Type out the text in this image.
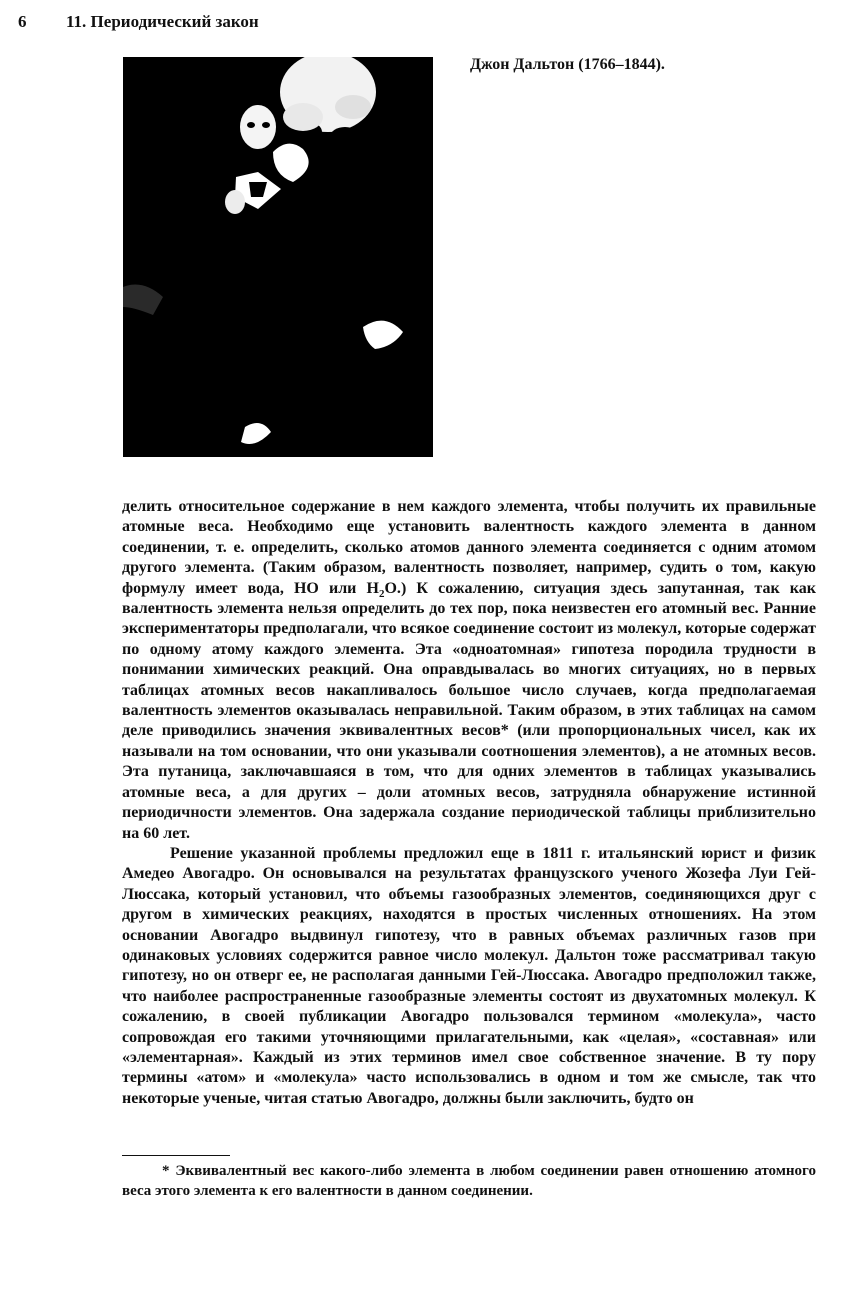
6 11. Периодический закон
Джон Дальтон (1766–1844).

делить относительное содержание в нем каждого элемента, чтобы получить их правильные атомные веса. Необходимо еще установить валентность каждого элемента в данном соединении, т. е. определить, сколько атомов данного элемента соединяется с одним атомом другого элемента. (Таким образом, валентность позволяет, например, судить о том, какую формулу имеет вода, НО или $H_2O$.) К сожалению, ситуация здесь запутанная, так как валентность элемента нельзя определить до тех пор, пока неизвестен его атомный вес. Ранние экспериментаторы предполагали, что всякое соединение состоит из молекул, которые содержат по одному атому каждого элемента. Эта «одноатомная» гипотеза породила трудности в понимании химических реакций. Она оправдывалась во многих ситуациях, но в первых таблицах атомных весов накапливалось большое число случаев, когда предполагаемая валентность элементов оказывалась неправильной. Таким образом, в этих таблицах на самом деле приводились значения эквивалентных весов* (или пропорциональных чисел, как их называли на том основании, что они указывали соотношения элементов), а не атомных весов. Эта путаница, заключавшаяся в том, что для одних элементов в таблицах указывались атомные веса, а для других – доли атомных весов, затрудняла обнаружение истинной периодичности элементов. Она задержала создание периодической таблицы приблизительно на 60 лет.

Решение указанной проблемы предложил еще в 1811 г. итальянский юрист и физик Амедео Авогадро. Он основывался на результатах французского ученого Жозефа Луи Гей-Люссака, который установил, что объемы газообразных элементов, соединяющихся друг с другом в химических реакциях, находятся в простых численных отношениях. На этом основании Авогадро выдвинул гипотезу, что в равных объемах различных газов при одинаковых условиях содержится равное число молекул. Дальтон тоже рассматривал такую гипотезу, но он отверг ее, не располагая данными Гей-Люссака. Авогадро предположил также, что наиболее распространенные газообразные элементы состоят из двухатомных молекул. К сожалению, в своей публикации Авогадро пользовался термином «молекула», часто сопровождая его такими уточняющими прилагательными, как «целая», «составная» или «элементарная». Каждый из этих терминов имел свое собственное значение. В ту пору термины «атом» и «молекула» часто использовались в одном и том же смысле, так что некоторые ученые, читая статью Авогадро, должны были заключить, будто он

* Эквивалентный вес какого-либо элемента в любом соединении равен отношению атомного веса этого элемента к его валентности в данном соединении.
